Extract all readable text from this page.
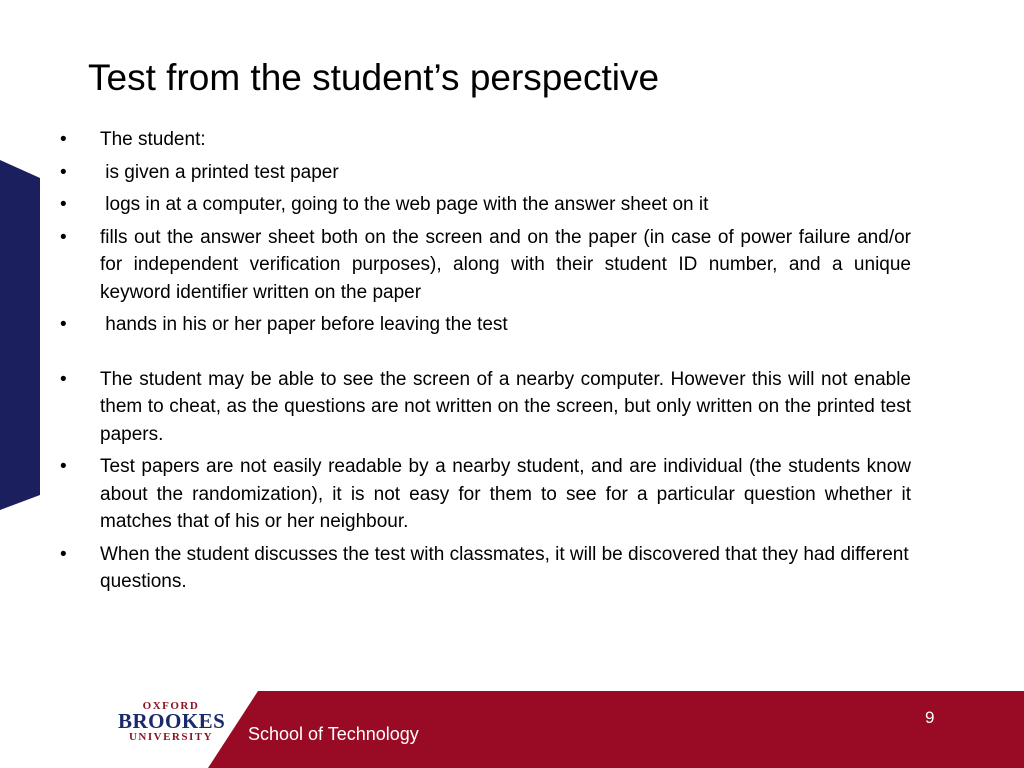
Test from the student’s perspective
•	The student:
•	is given a printed test paper
•	logs in at a computer, going to the web page with the answer sheet on it
•	fills out the answer sheet both on the screen and on the paper (in case of power failure and/or for independent verification purposes), along with their student ID number, and a unique keyword identifier written on the paper
•	hands in his or her paper before leaving the test
•	The student may be able to see the screen of a nearby computer. However this will not enable them to cheat, as the questions are not written on the screen, but only written on the printed test papers.
•	Test papers are not easily readable by a nearby student, and are individual (the students know about the randomization), it is not easy for them to see for a particular question whether it matches that of his or her neighbour.
•	When the student discusses the test with classmates, it will be discovered that they had different questions.
OXFORD
BROOKES
UNIVERSITY	School of Technology
9
